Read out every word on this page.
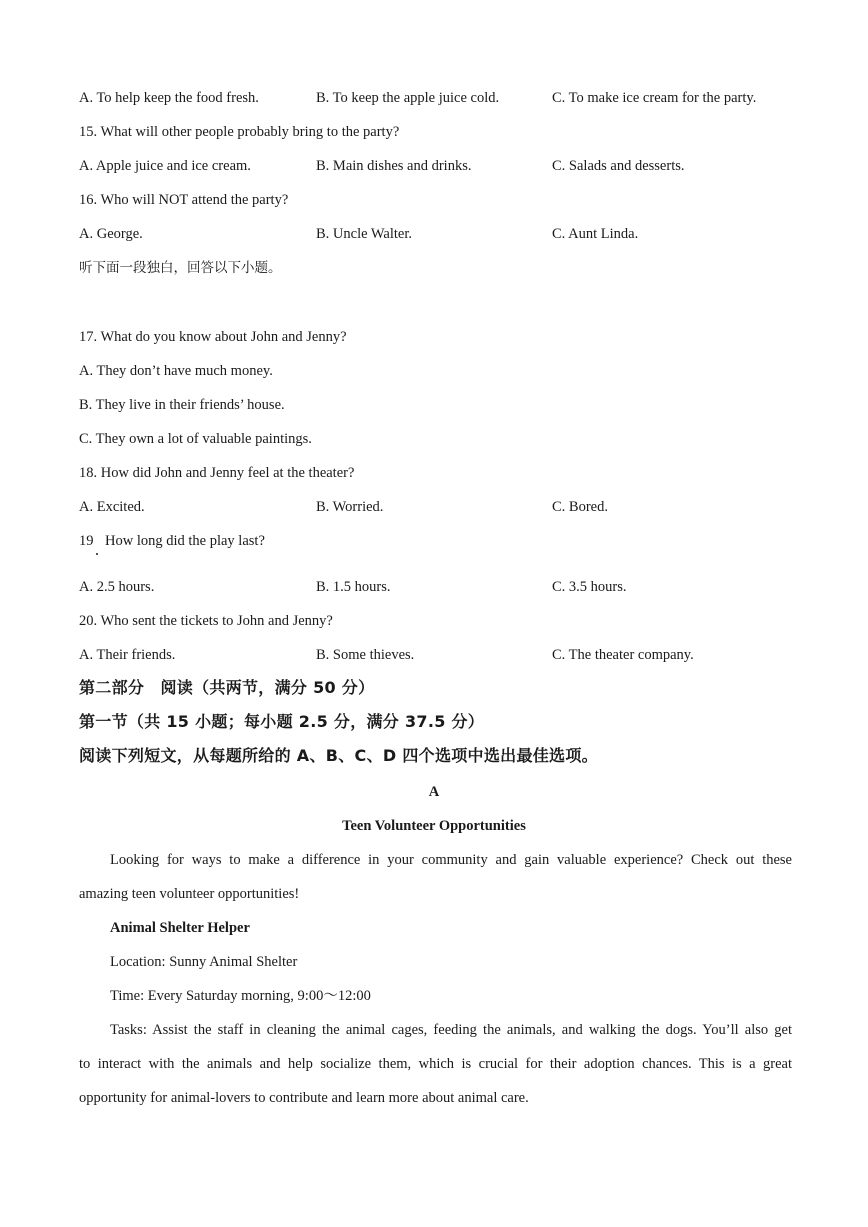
A. To help keep the food fresh.	B. To keep the apple juice cold.	C. To make ice cream for the party.
15. What will other people probably bring to the party?
A. Apple juice and ice cream.	B. Main dishes and drinks.	C. Salads and desserts.
16. Who will NOT attend the party?
A. George.	B. Uncle Walter.	C. Aunt Linda.
听下面一段独白，回答以下小题。
17. What do you know about John and Jenny?
A. They don’t have much money.
B. They live in their friends’ house.
C. They own a lot of valuable paintings.
18. How did John and Jenny feel at the theater?
A. Excited.	B. Worried.	C. Bored.
19 How long did the play last?
A. 2.5 hours.	B. 1.5 hours.	C. 3.5 hours.
20. Who sent the tickets to John and Jenny?
A. Their friends.	B. Some thieves.	C. The theater company.
第二部分　阅读（共两节，满分 50 分）
第一节（共 15 小题；每小题 2.5 分，满分 37.5 分）
阅读下列短文，从每题所给的 A、B、C、D 四个选项中选出最佳选项。
A
Teen Volunteer Opportunities
Looking for ways to make a difference in your community and gain valuable experience? Check out these
amazing teen volunteer opportunities!
Animal Shelter Helper
Location: Sunny Animal Shelter
Time: Every Saturday morning, 9:00～12:00
Tasks: Assist the staff in cleaning the animal cages, feeding the animals, and walking the dogs. You’ll also get
to interact with the animals and help socialize them, which is crucial for their adoption chances. This is a great
opportunity for animal-lovers to contribute and learn more about animal care.
